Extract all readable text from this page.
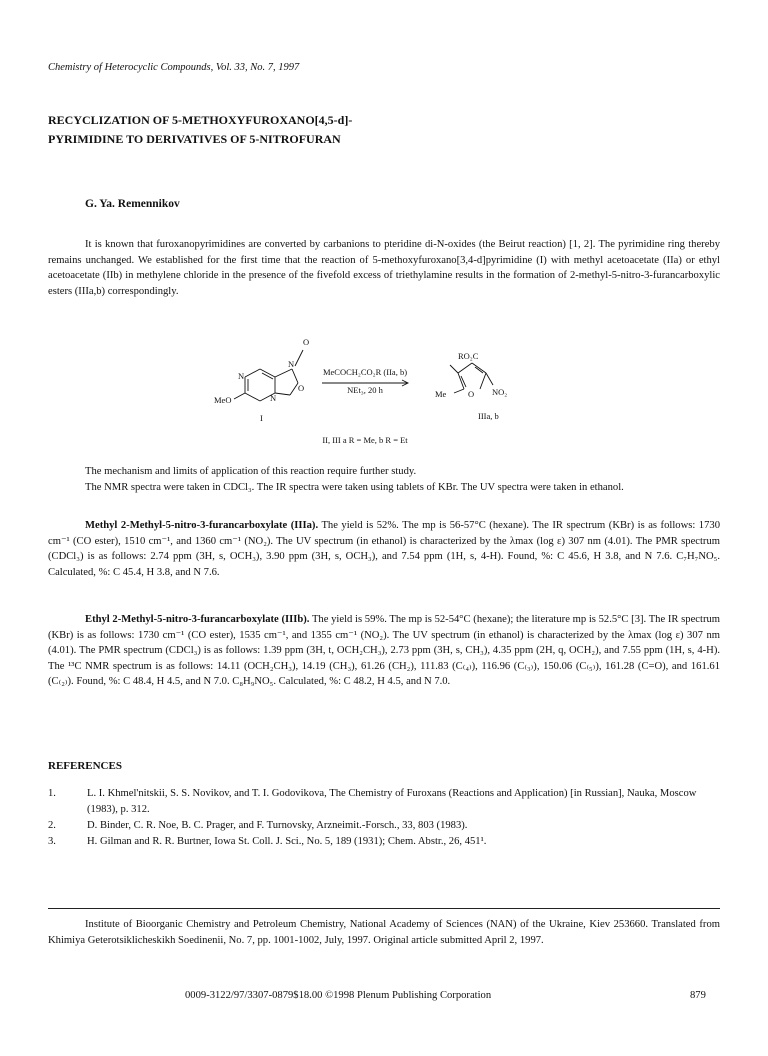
Chemistry of Heterocyclic Compounds, Vol. 33, No. 7, 1997
RECYCLIZATION OF 5-METHOXYFUROXANO[4,5-d]-
PYRIMIDINE TO DERIVATIVES OF 5-NITROFURAN
G. Ya. Remennikov
It is known that furoxanopyrimidines are converted by carbanions to pteridine di-N-oxides (the Beirut reaction) [1, 2]. The pyrimidine ring thereby remains unchanged. We established for the first time that the reaction of 5-methoxyfuroxano[3,4-d]pyrimidine (I) with methyl acetoacetate (IIa) or ethyl acetoacetate (IIb) in methylene chloride in the presence of the fivefold excess of triethylamine results in the formation of 2-methyl-5-nitro-3-furancarboxylic esters (IIIa,b) correspondingly.
O
N
N
N
O
MeO
I
MeCOCH₂CO₂R (IIa, b)
NEt₃, 20 h
RO₂C
Me	O NO₂
IIIa, b
II, III a R = Me, b R = Et
The mechanism and limits of application of this reaction require further study.
The NMR spectra were taken in CDCl₃. The IR spectra were taken using tablets of KBr. The UV spectra were taken in ethanol.
Methyl 2-Methyl-5-nitro-3-furancarboxylate (IIIa). The yield is 52%. The mp is 56-57°C (hexane). The IR spectrum (KBr) is as follows: 1730 cm⁻¹ (CO ester), 1510 cm⁻¹, and 1360 cm⁻¹ (NO₂). The UV spectrum (in ethanol) is characterized by the λmax (log ε) 307 nm (4.01). The PMR spectrum (CDCl₃) is as follows: 2.74 ppm (3H, s, OCH₃), 3.90 ppm (3H, s, OCH₃), and 7.54 ppm (1H, s, 4-H). Found, %: C 45.6, H 3.8, and N 7.6. C₇H₇NO₅. Calculated, %: C 45.4, H 3.8, and N 7.6.
Ethyl 2-Methyl-5-nitro-3-furancarboxylate (IIIb). The yield is 59%. The mp is 52-54°C (hexane); the literature mp is 52.5°C [3]. The IR spectrum (KBr) is as follows: 1730 cm⁻¹ (CO ester), 1535 cm⁻¹, and 1355 cm⁻¹ (NO₂). The UV spectrum (in ethanol) is characterized by the λmax (log ε) 307 nm (4.01). The PMR spectrum (CDCl₃) is as follows: 1.39 ppm (3H, t, OCH₂CH₃), 2.73 ppm (3H, s, CH₃), 4.35 ppm (2H, q, OCH₂), and 7.55 ppm (1H, s, 4-H). The ¹³C NMR spectrum is as follows: 14.11 (OCH₂CH₃), 14.19 (CH₃), 61.26 (CH₂), 111.83 (C₍₄₎), 116.96 (C₍₃₎), 150.06 (C₍₅₎), 161.28 (C=O), and 161.61 (C₍₂₎). Found, %: C 48.4, H 4.5, and N 7.0. C₈H₉NO₅. Calculated, %: C 48.2, H 4.5, and N 7.0.
REFERENCES
1.	L. I. Khmel'nitskii, S. S. Novikov, and T. I. Godovikova, The Chemistry of Furoxans (Reactions and Application) [in Russian], Nauka, Moscow (1983), p. 312.
2.	D. Binder, C. R. Noe, B. C. Prager, and F. Turnovsky, Arzneimit.-Forsch., 33, 803 (1983).
3.	H. Gilman and R. R. Burtner, Iowa St. Coll. J. Sci., No. 5, 189 (1931); Chem. Abstr., 26, 451¹.
Institute of Bioorganic Chemistry and Petroleum Chemistry, National Academy of Sciences (NAN) of the Ukraine, Kiev 253660. Translated from Khimiya Geterotsiklicheskikh Soedinenii, No. 7, pp. 1001-1002, July, 1997. Original article submitted April 2, 1997.
0009-3122/97/3307-0879$18.00 ©1998 Plenum Publishing Corporation	879
